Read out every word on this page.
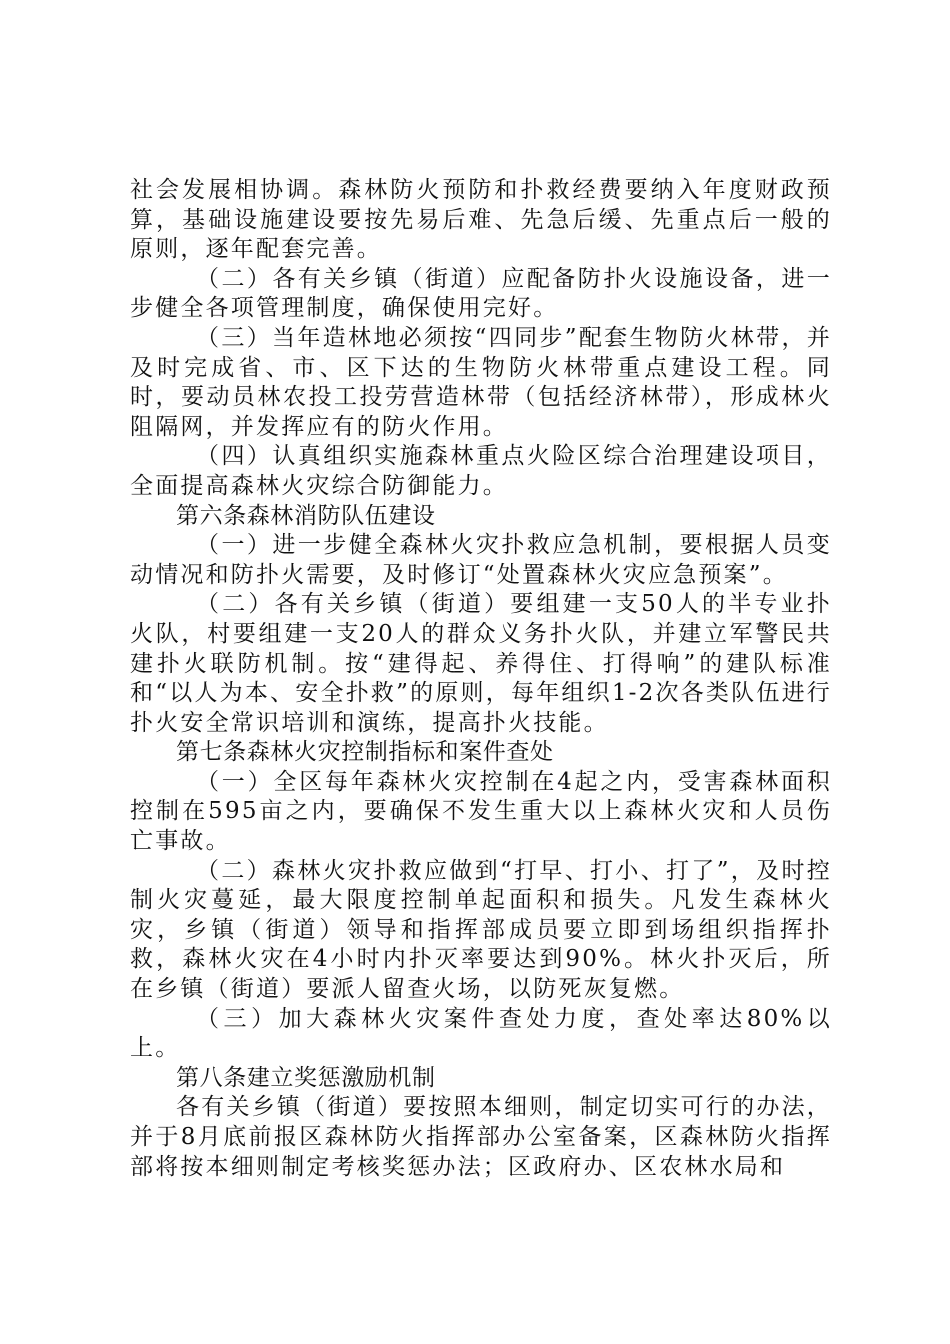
社会发展相协调。森林防火预防和扑救经费要纳入年度财政预算，基础设施建设要按先易后难、先急后缓、先重点后一般的原则，逐年配套完善。

（二）各有关乡镇（街道）应配备防扑火设施设备，进一步健全各项管理制度，确保使用完好。

（三）当年造林地必须按“四同步”配套生物防火林带，并及时完成省、市、区下达的生物防火林带重点建设工程。同时，要动员林农投工投劳营造林带（包括经济林带），形成林火阻隔网，并发挥应有的防火作用。

（四）认真组织实施森林重点火险区综合治理建设项目，全面提高森林火灾综合防御能力。

第六条森林消防队伍建设

（一）进一步健全森林火灾扑救应急机制，要根据人员变动情况和防扑火需要，及时修订“处置森林火灾应急预案”。

（二）各有关乡镇（街道）要组建一支50人的半专业扑火队，村要组建一支20人的群众义务扑火队，并建立军警民共建扑火联防机制。按“建得起、养得住、打得响”的建队标准和“以人为本、安全扑救”的原则，每年组织1-2次各类队伍进行扑火安全常识培训和演练，提高扑火技能。

第七条森林火灾控制指标和案件查处

（一）全区每年森林火灾控制在4起之内，受害森林面积控制在595亩之内，要确保不发生重大以上森林火灾和人员伤亡事故。

（二）森林火灾扑救应做到“打早、打小、打了”，及时控制火灾蔓延，最大限度控制单起面积和损失。凡发生森林火灾，乡镇（街道）领导和指挥部成员要立即到场组织指挥扑救，森林火灾在4小时内扑灭率要达到90%。林火扑灭后，所在乡镇（街道）要派人留查火场，以防死灰复燃。

（三）加大森林火灾案件查处力度，查处率达80%以上。

第八条建立奖惩激励机制

各有关乡镇（街道）要按照本细则，制定切实可行的办法，并于8月底前报区森林防火指挥部办公室备案，区森林防火指挥部将按本细则制定考核奖惩办法；区政府办、区农林水局和
